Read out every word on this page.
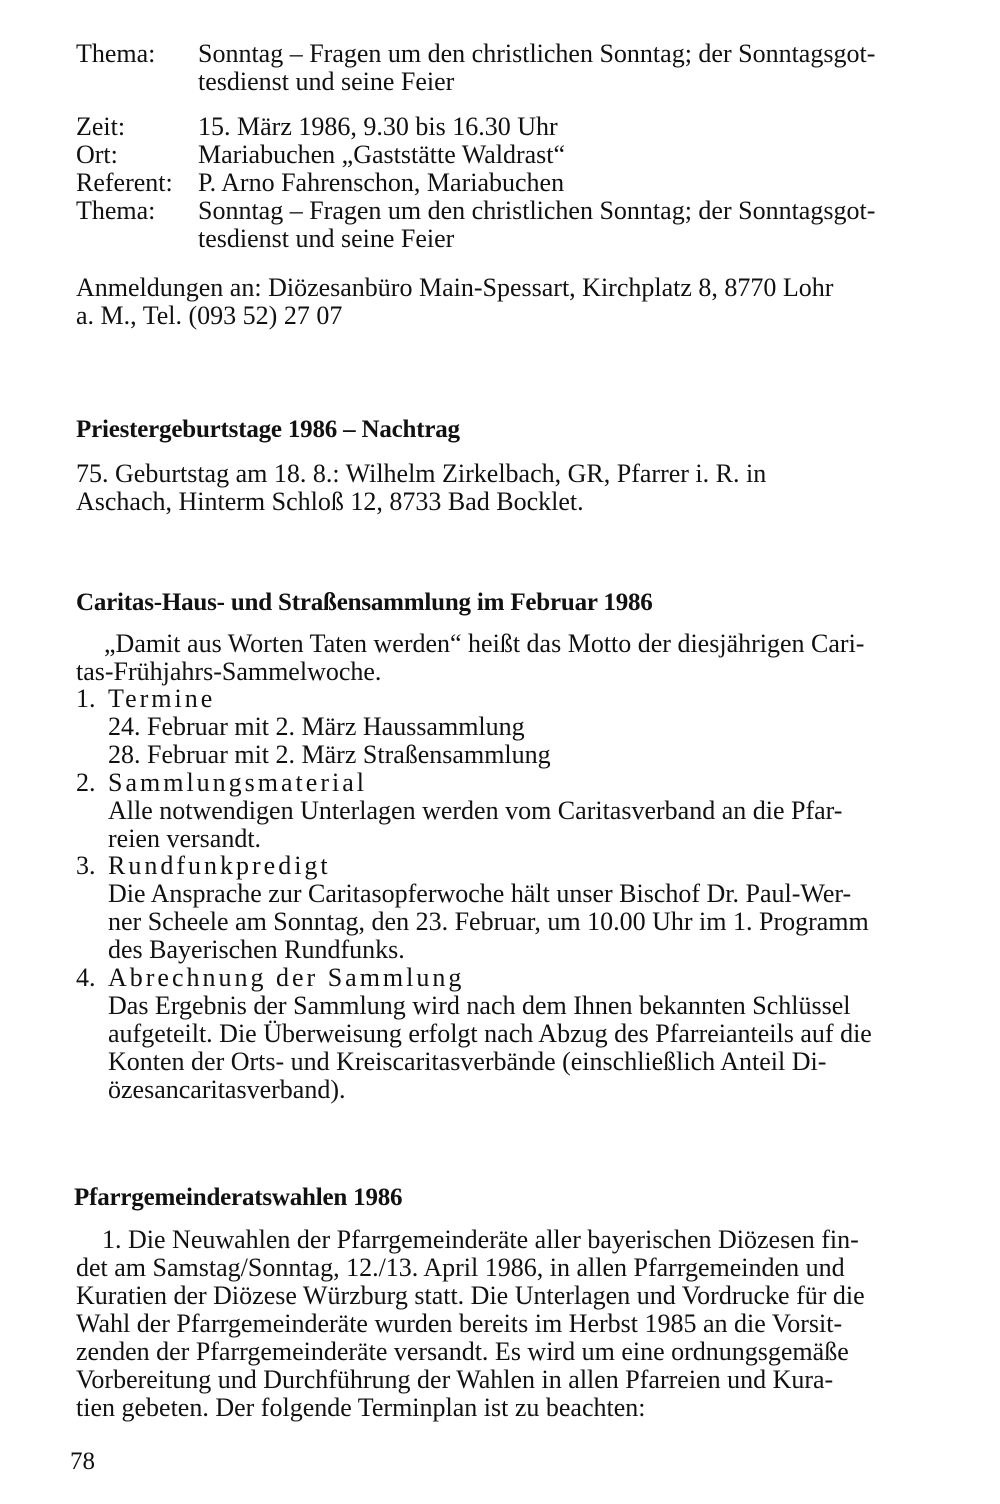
Thema:	Sonntag – Fragen um den christlichen Sonntag; der Sonntagsgot-
tesdienst und seine Feier
Zeit:	15. März 1986, 9.30 bis 16.30 Uhr
Ort:	Mariabuchen „Gaststätte Waldrast“
Referent: P. Arno Fahrenschon, Mariabuchen
Thema:	Sonntag – Fragen um den christlichen Sonntag; der Sonntagsgot-
tesdienst und seine Feier
Anmeldungen an: Diözesanbüro Main-Spessart, Kirchplatz 8, 8770 Lohr
a. M., Tel. (093 52) 27 07
Priestergeburtstage 1986 – Nachtrag
75. Geburtstag am 18. 8.: Wilhelm Zirkelbach, GR, Pfarrer i. R. in
Aschach, Hinterm Schloß 12, 8733 Bad Bocklet.
Caritas-Haus- und Straßensammlung im Februar 1986
„Damit aus Worten Taten werden“ heißt das Motto der diesjährigen Cari-
tas-Frühjahrs-Sammelwoche.
1. Termine
24. Februar mit 2. März Haussammlung
28. Februar mit 2. März Straßensammlung
2. Sammlungsmaterial
Alle notwendigen Unterlagen werden vom Caritasverband an die Pfar-
reien versandt.
3. Rundfunkpredigt
Die Ansprache zur Caritasopferwoche hält unser Bischof Dr. Paul-Wer-
ner Scheele am Sonntag, den 23. Februar, um 10.00 Uhr im 1. Programm
des Bayerischen Rundfunks.
4. Abrechnung der Sammlung
Das Ergebnis der Sammlung wird nach dem Ihnen bekannten Schlüssel
aufgeteilt. Die Überweisung erfolgt nach Abzug des Pfarreianteils auf die
Konten der Orts- und Kreiscaritasverbände (einschließlich Anteil Di-
özesancaritasverband).
Pfarrgemeinderatswahlen 1986
1. Die Neuwahlen der Pfarrgemeinderäte aller bayerischen Diözesen fin-
det am Samstag/Sonntag, 12./13. April 1986, in allen Pfarrgemeinden und
Kuratien der Diözese Würzburg statt. Die Unterlagen und Vordrucke für die
Wahl der Pfarrgemeinderäte wurden bereits im Herbst 1985 an die Vorsit-
zenden der Pfarrgemeinderäte versandt. Es wird um eine ordnungsgemäße
Vorbereitung und Durchführung der Wahlen in allen Pfarreien und Kura-
tien gebeten. Der folgende Terminplan ist zu beachten:
78
